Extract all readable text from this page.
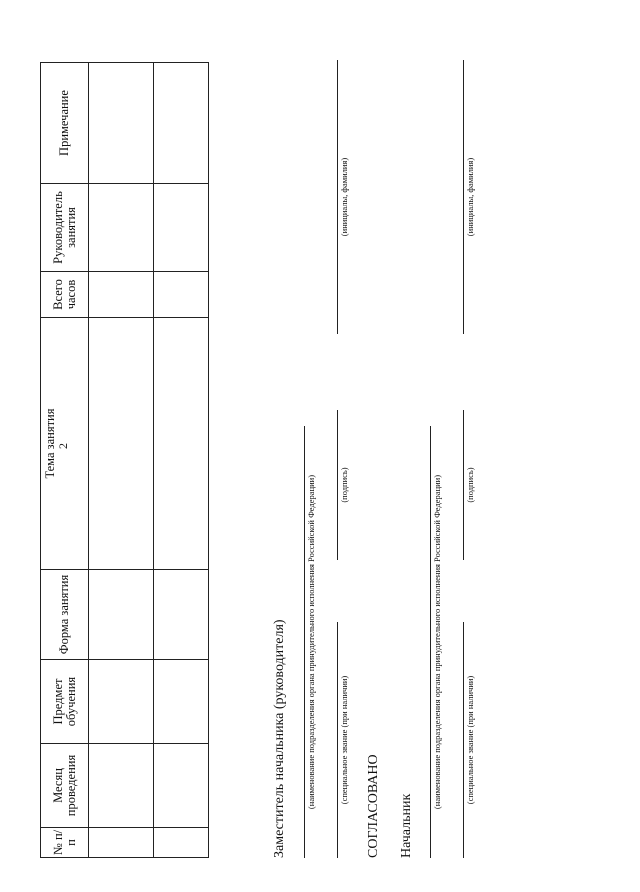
2
№ п/п	Месяц проведения	Предмет обучения	Форма занятия	Тема занятия	Всего часов	Руководитель занятия	Примечание

Заместитель начальника (руководителя) (наименование подразделения органа принудительного исполнения Российской Федерации)	(специальное звание (при наличии)
(подпись)
(инициалы, фамилия)
СОГЛАСОВАНО Начальник
(наименование подразделения органа принудительного исполнения Российской Федерации)	(специальное звание (при наличии)
(подпись)
(инициалы, фамилия)
